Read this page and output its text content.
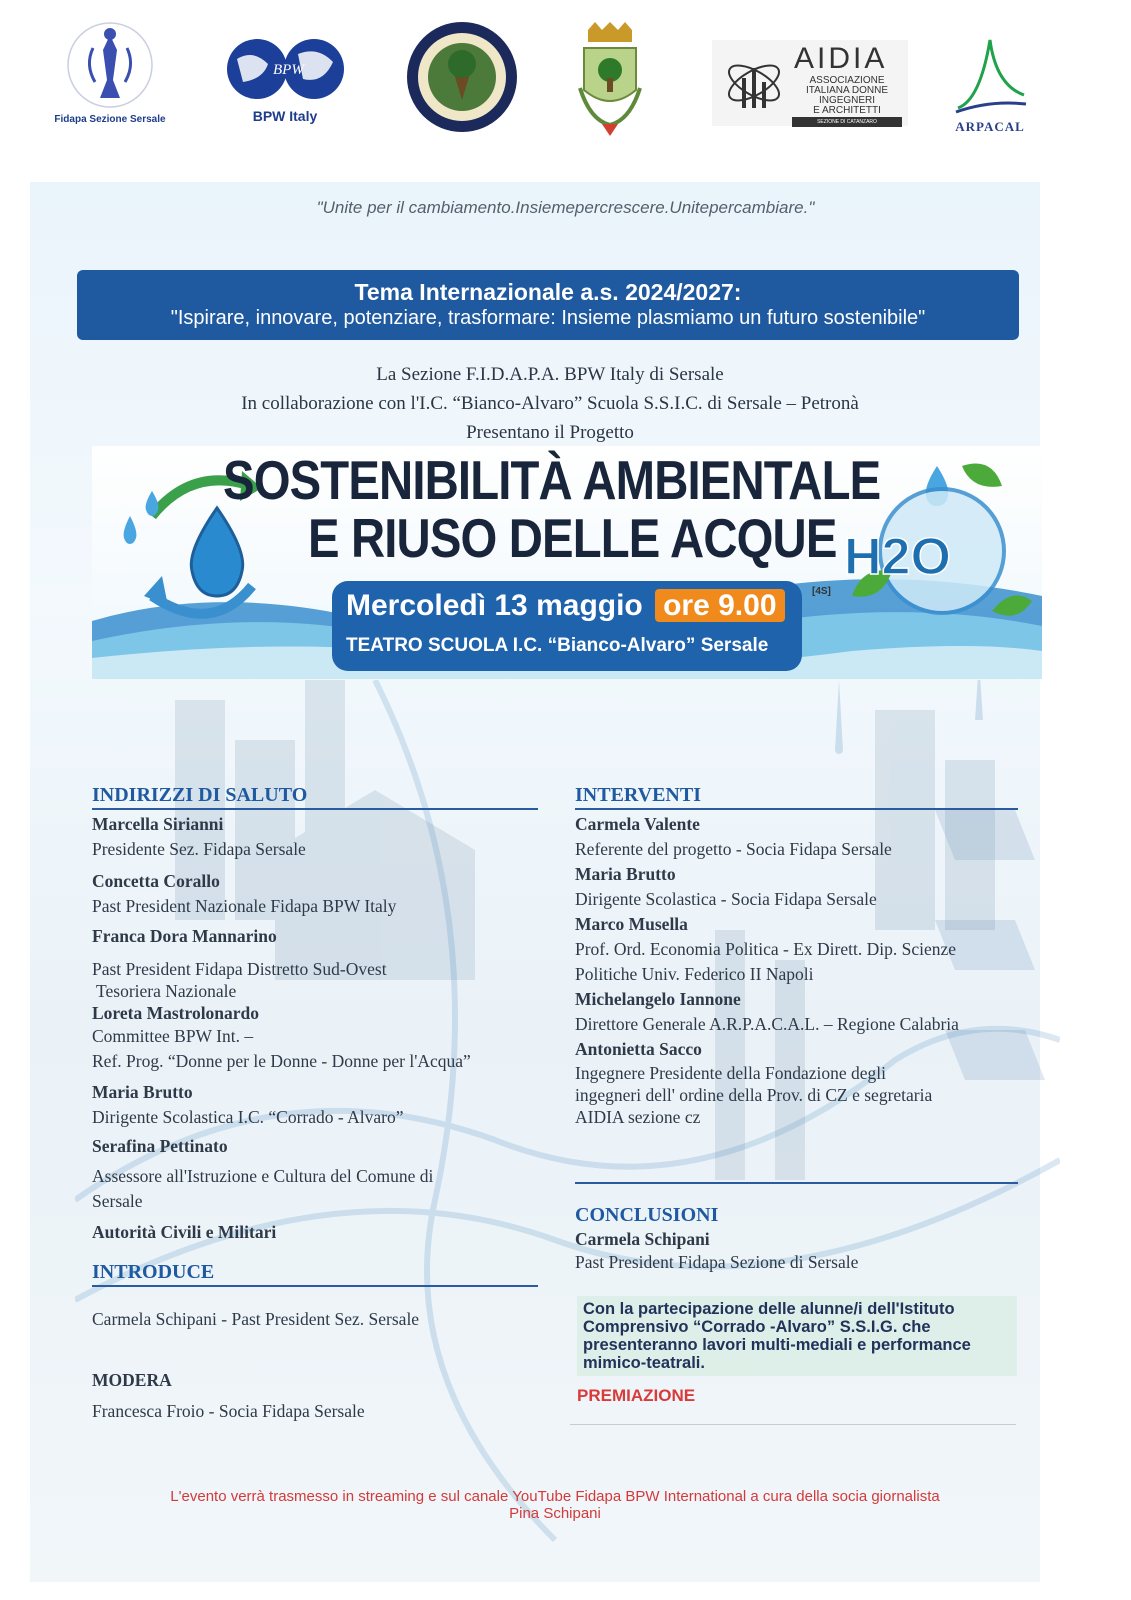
Fidapa Sezione Sersale
BPW
BPW Italy
AIDIA
ASSOCIAZIONE
ITALIANA DONNE
INGEGNERI
E ARCHITETTI
SEZIONE DI CATANZARO	ARPACAL
"Unite per il cambiamento.Insiemepercrescere.Unitepercambiare."
Tema Internazionale a.s. 2024/2027:
"Ispirare, innovare, potenziare, trasformare: Insieme plasmiamo un futuro sostenibile"
La Sezione F.I.D.A.P.A. BPW Italy di Sersale
In collaborazione con l'I.C. “Bianco-Alvaro” Scuola S.S.I.C. di Sersale – Petronà
Presentano il Progetto
H2O
SOSTENIBILITÀ AMBIENTALE
E RIUSO DELLE ACQUE
Mercoledì 13 maggio ore 9.00
TEATRO SCUOLA I.C. “Bianco-Alvaro” Sersale
[4S]
INDIRIZZI DI SALUTO
Marcella Sirianni
Presidente Sez. Fidapa Sersale
Concetta Corallo
Past President Nazionale Fidapa BPW Italy
Franca Dora Mannarino
Past President Fidapa Distretto Sud-Ovest
Tesoriera Nazionale
Loreta Mastrolonardo
Committee BPW Int. –
Ref. Prog. “Donne per le Donne - Donne per l'Acqua”
Maria Brutto
Dirigente Scolastica I.C. “Corrado - Alvaro”
Serafina Pettinato
Assessore all'Istruzione e Cultura del Comune di
Sersale
Autorità Civili e Militari
INTRODUCE
Carmela Schipani - Past President Sez. Sersale
MODERA
Francesca Froio - Socia Fidapa Sersale
INTERVENTI
Carmela Valente
Referente del progetto - Socia Fidapa Sersale
Maria Brutto
Dirigente Scolastica - Socia Fidapa Sersale
Marco Musella
Prof. Ord. Economia Politica - Ex Dirett. Dip. Scienze
Politiche Univ. Federico II Napoli
Michelangelo Iannone
Direttore Generale A.R.P.A.C.A.L. – Regione Calabria
Antonietta Sacco
Ingegnere Presidente della Fondazione degli
ingegneri dell' ordine della Prov. di CZ e segretaria
AIDIA sezione cz
CONCLUSIONI
Carmela Schipani
Past President Fidapa Sezione di Sersale
Con la partecipazione delle alunne/i dell'Istituto Comprensivo “Corrado -Alvaro” S.S.I.G. che presenteranno lavori multi-mediali e performance mimico-teatrali.
PREMIAZIONE
L'evento verrà trasmesso in streaming e sul canale YouTube Fidapa BPW International a cura della socia giornalista
Pina Schipani
